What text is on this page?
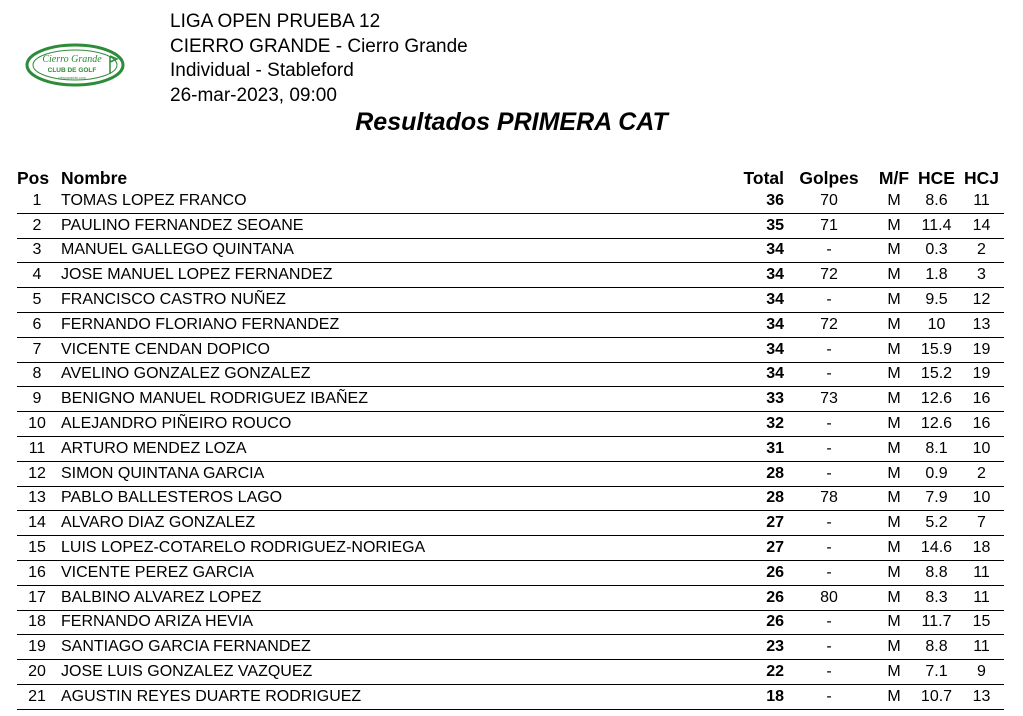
Cierro Grande
CLUB DE GOLF
cierrogrande.com
LIGA OPEN PRUEBA 12
CIERRO GRANDE - Cierro Grande
Individual - Stableford
26-mar-2023, 09:00
Resultados PRIMERA CAT
Pos	Nombre	Total	Golpes	M/F	HCE	HCJ
1	TOMAS LOPEZ FRANCO	36	70	M	8.6	11
2	PAULINO FERNANDEZ SEOANE	35	71	M	11.4	14
3	MANUEL GALLEGO QUINTANA	34	-	M	0.3	2
4	JOSE MANUEL LOPEZ FERNANDEZ	34	72	M	1.8	3
5	FRANCISCO CASTRO NUÑEZ	34	-	M	9.5	12
6	FERNANDO FLORIANO FERNANDEZ	34	72	M	10	13
7	VICENTE CENDAN DOPICO	34	-	M	15.9	19
8	AVELINO GONZALEZ GONZALEZ	34	-	M	15.2	19
9	BENIGNO MANUEL RODRIGUEZ IBAÑEZ	33	73	M	12.6	16
10	ALEJANDRO PIÑEIRO ROUCO	32	-	M	12.6	16
11	ARTURO MENDEZ LOZA	31	-	M	8.1	10
12	SIMON QUINTANA GARCIA	28	-	M	0.9	2
13	PABLO BALLESTEROS LAGO	28	78	M	7.9	10
14	ALVARO DIAZ GONZALEZ	27	-	M	5.2	7
15	LUIS LOPEZ-COTARELO RODRIGUEZ-NORIEGA	27	-	M	14.6	18
16	VICENTE PEREZ GARCIA	26	-	M	8.8	11
17	BALBINO ALVAREZ LOPEZ	26	80	M	8.3	11
18	FERNANDO ARIZA HEVIA	26	-	M	11.7	15
19	SANTIAGO GARCIA FERNANDEZ	23	-	M	8.8	11
20	JOSE LUIS GONZALEZ VAZQUEZ	22	-	M	7.1	9
21	AGUSTIN REYES DUARTE RODRIGUEZ	18	-	M	10.7	13
